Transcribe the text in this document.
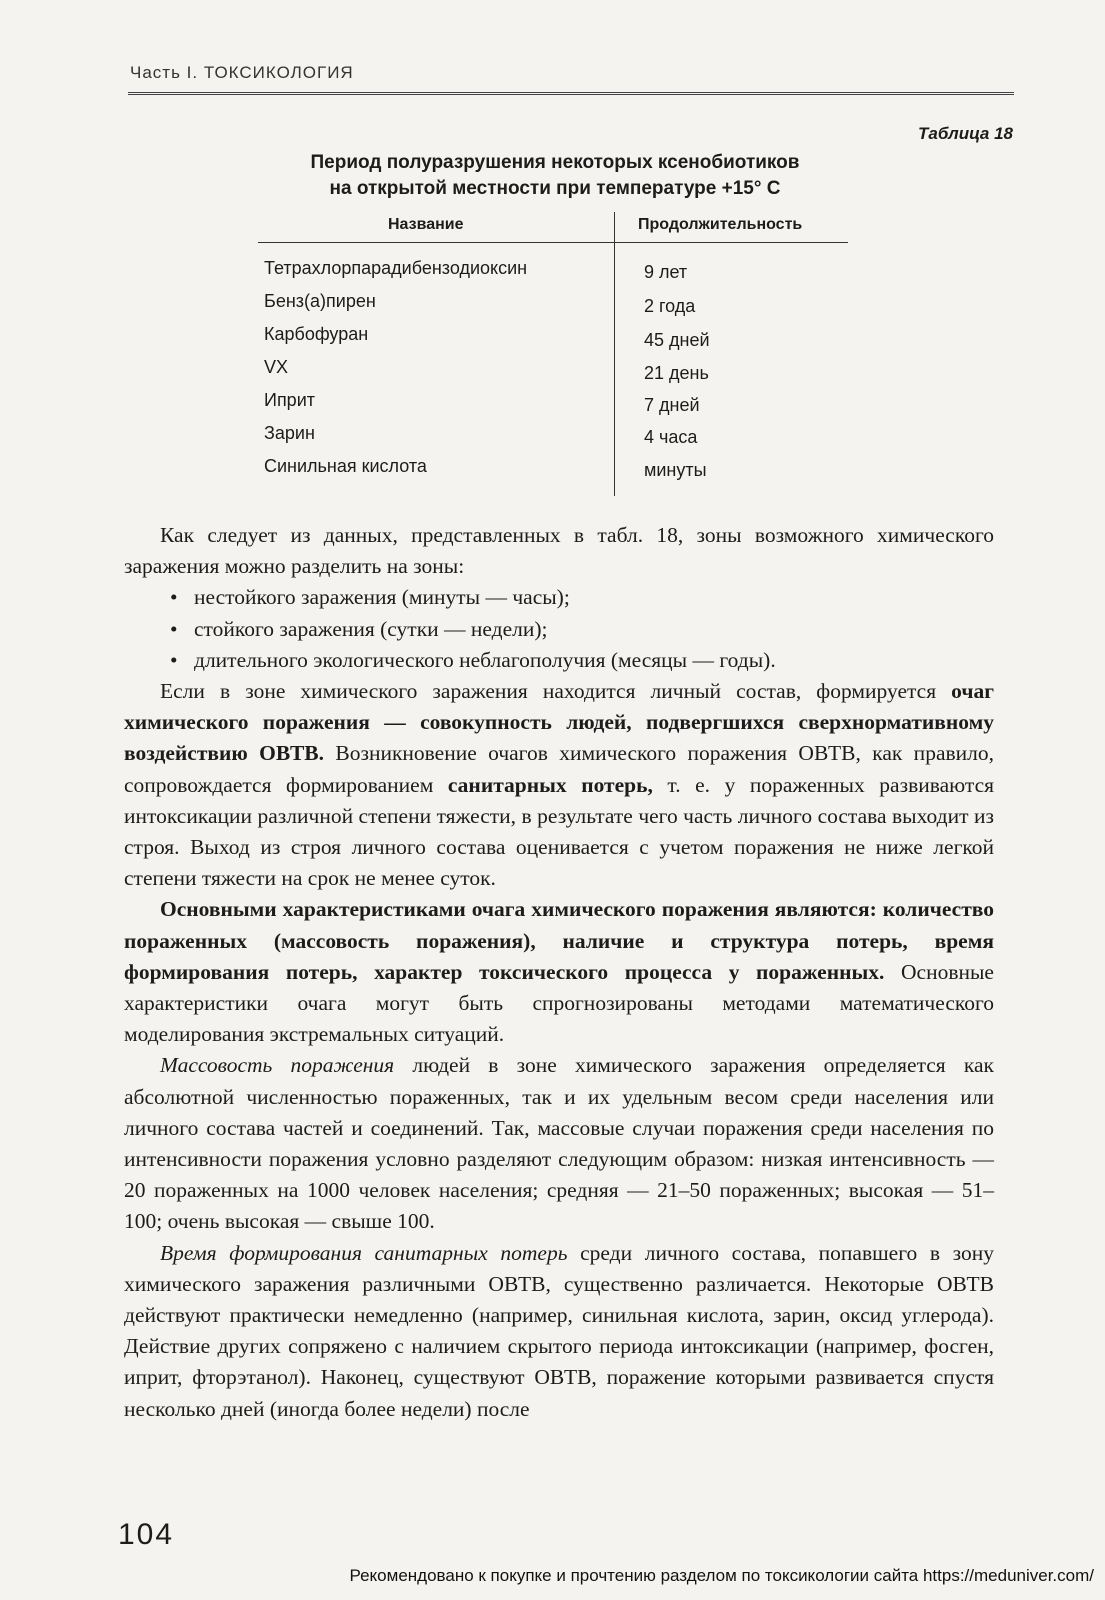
Часть I. ТОКСИКОЛОГИЯ
Таблица 18
Период полуразрушения некоторых ксенобиотиков
на открытой местности при температуре +15° С
Название	Продолжительность
Тетрахлорпарадибензодиоксин
Бенз(а)пирен
Карбофуран
VX
Иприт
Зарин
Синильная кислота
9 лет
2 года
45 дней
21 день
7 дней
4 часа
минуты

Как следует из данных, представленных в табл. 18, зоны возможного химического заражения можно разделить на зоны:

• нестойкого заражения (минуты — часы);
• стойкого заражения (сутки — недели);
• длительного экологического неблагополучия (месяцы — годы).

Если в зоне химического заражения находится личный состав, формируется очаг химического поражения — совокупность людей, подвергшихся сверхнормативному воздействию ОВТВ. Возникновение очагов химического поражения ОВТВ, как правило, сопровождается формированием санитарных потерь, т. е. у пораженных развиваются интоксикации различной степени тяжести, в результате чего часть личного состава выходит из строя. Выход из строя личного состава оценивается с учетом поражения не ниже легкой степени тяжести на срок не менее суток.

Основными характеристиками очага химического поражения являются: количество пораженных (массовость поражения), наличие и структура потерь, время формирования потерь, характер токсического процесса у пораженных. Основные характеристики очага могут быть спрогнозированы методами математического моделирования экстремальных ситуаций.

Массовость поражения людей в зоне химического заражения определяется как абсолютной численностью пораженных, так и их удельным весом среди населения или личного состава частей и соединений. Так, массовые случаи поражения среди населения по интенсивности поражения условно разделяют следующим образом: низкая интенсивность — 20 пораженных на 1000 человек населения; средняя — 21–50 пораженных; высокая — 51–100; очень высокая — свыше 100.

Время формирования санитарных потерь среди личного состава, попавшего в зону химического заражения различными ОВТВ, существенно различается. Некоторые ОВТВ действуют практически немедленно (например, синильная кислота, зарин, оксид углерода). Действие других сопряжено с наличием скрытого периода интоксикации (например, фосген, иприт, фторэтанол). Наконец, существуют ОВТВ, поражение которыми развивается спустя несколько дней (иногда более недели) после

104
Рекомендовано к покупке и прочтению разделом по токсикологии сайта https://meduniver.com/
